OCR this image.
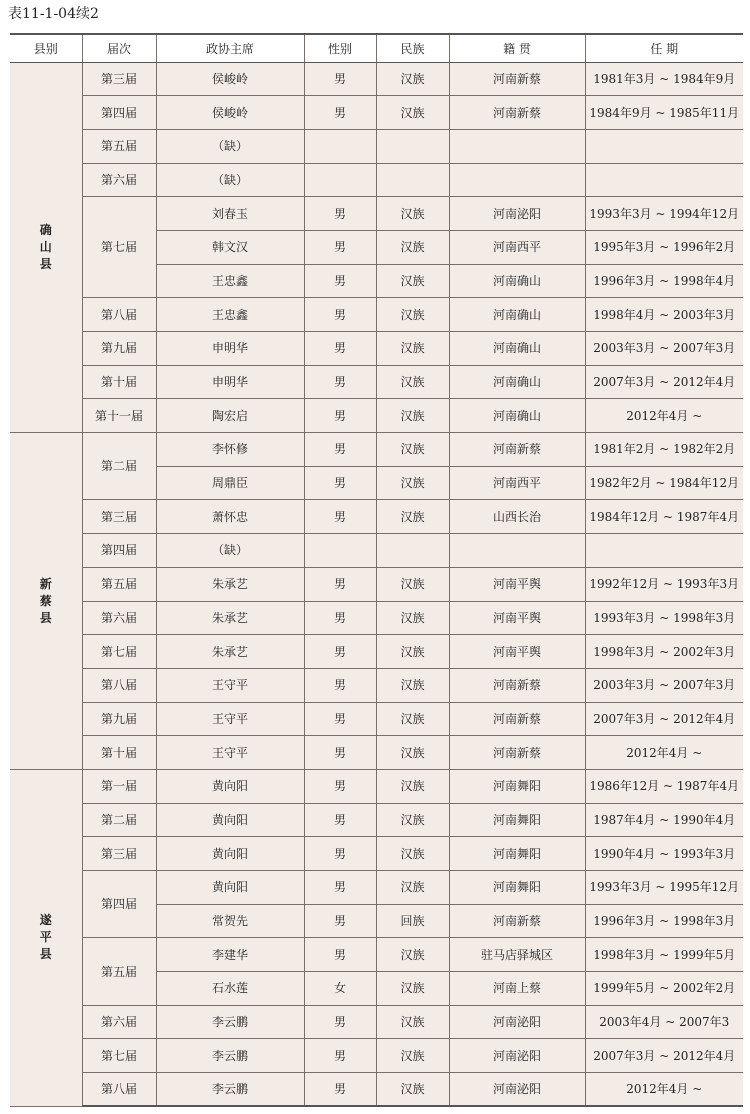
表11-1-04续2
县别	届次	政协主席	性别	民族	籍 贯	任 期

确
山
县	第三届	侯峻岭	男	汉族	河南新蔡	1981年3月 ~ 1984年9月
	第四届	侯峻岭	男	汉族	河南新蔡	1984年9月 ~ 1985年11月
	第五届	（缺）				
	第六届	（缺）				
	第七届	刘春玉	男	汉族	河南泌阳	1993年3月 ~ 1994年12月
		韩文汉	男	汉族	河南西平	1995年3月 ~ 1996年2月
		王忠鑫	男	汉族	河南确山	1996年3月 ~ 1998年4月
	第八届	王忠鑫	男	汉族	河南确山	1998年4月 ~ 2003年3月
	第九届	申明华	男	汉族	河南确山	2003年3月 ~ 2007年3月
	第十届	申明华	男	汉族	河南确山	2007年3月 ~ 2012年4月
	第十一届	陶宏启	男	汉族	河南确山	2012年4月 ~

新
蔡
县	第二届	李怀修	男	汉族	河南新蔡	1981年2月 ~ 1982年2月
		周鼎臣	男	汉族	河南西平	1982年2月 ~ 1984年12月
	第三届	萧怀忠	男	汉族	山西长治	1984年12月 ~ 1987年4月
	第四届	（缺）				
	第五届	朱承艺	男	汉族	河南平舆	1992年12月 ~ 1993年3月
	第六届	朱承艺	男	汉族	河南平舆	1993年3月 ~ 1998年3月
	第七届	朱承艺	男	汉族	河南平舆	1998年3月 ~ 2002年3月
	第八届	王守平	男	汉族	河南新蔡	2003年3月 ~ 2007年3月
	第九届	王守平	男	汉族	河南新蔡	2007年3月 ~ 2012年4月
	第十届	王守平	男	汉族	河南新蔡	2012年4月 ~

遂
平
县	第一届	黄向阳	男	汉族	河南舞阳	1986年12月 ~ 1987年4月
	第二届	黄向阳	男	汉族	河南舞阳	1987年4月 ~ 1990年4月
	第三届	黄向阳	男	汉族	河南舞阳	1990年4月 ~ 1993年3月
	第四届	黄向阳	男	汉族	河南舞阳	1993年3月 ~ 1995年12月
		常贺先	男	回族	河南新蔡	1996年3月 ~ 1998年3月
	第五届	李建华	男	汉族	驻马店驿城区	1998年3月 ~ 1999年5月
		石水莲	女	汉族	河南上蔡	1999年5月 ~ 2002年2月
	第六届	李云鹏	男	汉族	河南泌阳	2003年4月 ~ 2007年3
	第七届	李云鹏	男	汉族	河南泌阳	2007年3月 ~ 2012年4月
	第八届	李云鹏	男	汉族	河南泌阳	2012年4月 ~
